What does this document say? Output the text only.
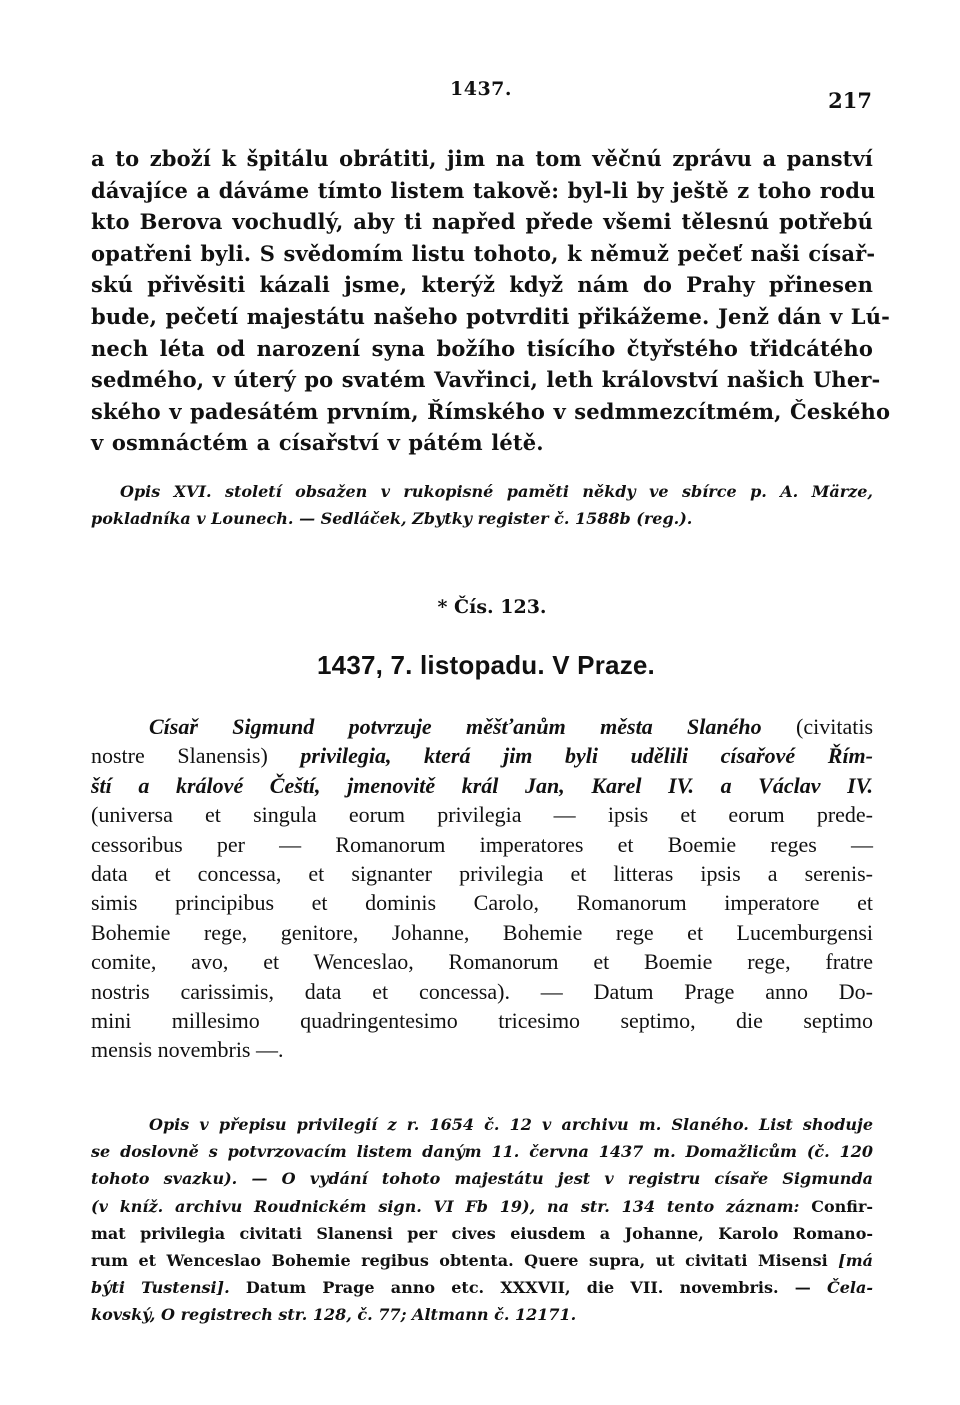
1437.	217
a to zboží k špitálu obrátiti, jim na tom věčnú zprávu a panství
dávajíce a dáváme tímto listem takově: byl-li by ještě z toho rodu
kto Berova vochudlý, aby ti napřed přede všemi tělesnú potřebú
opatřeni byli. S svědomím listu tohoto, k němuž pečeť naši císař-
skú přivěsiti kázali jsme, kterýž když nám do Prahy přinesen
bude, pečetí majestátu našeho potvrditi přikážeme. Jenž dán v Lú-
nech léta od narození syna božího tisícího čtyřstého třidcátého
sedmého, v úterý po svatém Vavřinci, leth království našich Uher-
ského v padesátém prvním, Římského v sedmmezcítmém, Českého
v osmnáctém a císařství v pátém létě.
Opis XVI. století obsažen v rukopisné paměti někdy ve sbírce p. A. Märze,
pokladníka v Lounech. — Sedláček, Zbytky register č. 1588b (reg.).
* Čís. 123.
1437, 7. listopadu. V Praze.
Císař Sigmund potvrzuje měšťanům města Slaného (civitatis
nostre Slanensis) privilegia, která jim byli udělili císařové Řím-
ští a králové Čeští, jmenovitě král Jan, Karel IV. a Václav IV.
(universa et singula eorum privilegia — ipsis et eorum prede-
cessoribus per — Romanorum imperatores et Boemie reges —
data et concessa, et signanter privilegia et litteras ipsis a serenis-
simis principibus et dominis Carolo, Romanorum imperatore et
Bohemie rege, genitore, Johanne, Bohemie rege et Lucemburgensi
comite, avo, et Wenceslao, Romanorum et Boemie rege, fratre
nostris carissimis, data et concessa). — Datum Prage anno Do-
mini millesimo quadringentesimo tricesimo septimo, die septimo
mensis novembris —.
Opis v přepisu privilegií z r. 1654 č. 12 v archivu m. Slaného. List shoduje
se doslovně s potvrzovacím listem daným 11. června 1437 m. Domažlicům (č. 120
tohoto svazku). — O vydání tohoto majestátu jest v registru císaře Sigmunda
(v kníž. archivu Roudnickém sign. VI Fb 19), na str. 134 tento záznam: Confir-
mat privilegia civitati Slanensi per cives eiusdem a Johanne, Karolo Romano-
rum et Wenceslao Bohemie regibus obtenta. Quere supra, ut civitati Misensi [má
býti Tustensi]. Datum Prage anno etc. XXXVII, die VII. novembris. — Čela-
kovský, O registrech str. 128, č. 77; Altmann č. 12171.
